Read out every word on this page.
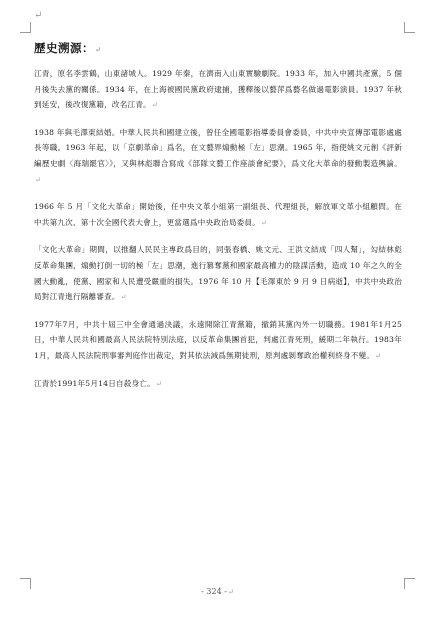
↵
歷史溯源：↵

江青，原名李雲鶴，山東諸城人。1929 年秦，在濟南入山東實驗劇院。1933 年，加入中國共產黨，5 個月後失去黨的關係。1934 年，在上海被國民黨政府逮捕，獲釋後以藝萍爲藝名做過電影演員。1937 年秋到延安，後改復黨籍，改名江青。↵

1938 年與毛澤東結婚。中華人民共和國建立後，曾任全國電影指導委員會委員，中共中央宣傳部電影處處長等職。1963 年起，以「京劇革命」爲名，在文藝界煽動極「左」思潮。1965 年，指使姚文元創《評新編歷史劇〈海瑞罷官〉》，又與林彪聯合寫成《部隊文藝工作座談會紀要》，爲文化大革命的發動製造輿論。↵

1966 年 5 月「文化大革命」開始後，任中央文革小組第一副組長、代理組長，解放軍文革小組顧問。在中共第九次、第十次全國代表大會上，更當選爲中央政治局委員。↵

「文化大革命」期間，以推翻人民民主專政爲目的，同張春橋、姚文元、王洪文結成「四人幫」，勾結林彪反革命集團，煽動打倒一切的極「左」思潮，進行篡奪黨和國家最高權力的陰謀活動，造成 10 年之久的全國大動亂，使黨、國家和人民遭受嚴重的損失。1976 年 10 月【毛澤東於 9 月 9 日病逝】，中共中央政治局對江青進行隔離審查。↵

1977年7月，中共十屆三中全會通過決議，永遠開除江青黨籍，撤銷其黨內外一切職務。1981年1月25日，中華人民共和國最高人民法院特別法庭，以反革命集團首犯，判處江青死刑，緩期二年執行。1983年1月，最高人民法院刑事審判庭作出裁定，對其依法減爲無期徒刑，原判處剝奪政治權利終身不變。↵

江青於1991年5月14日自殺身亡。↵

- 324 -↵
